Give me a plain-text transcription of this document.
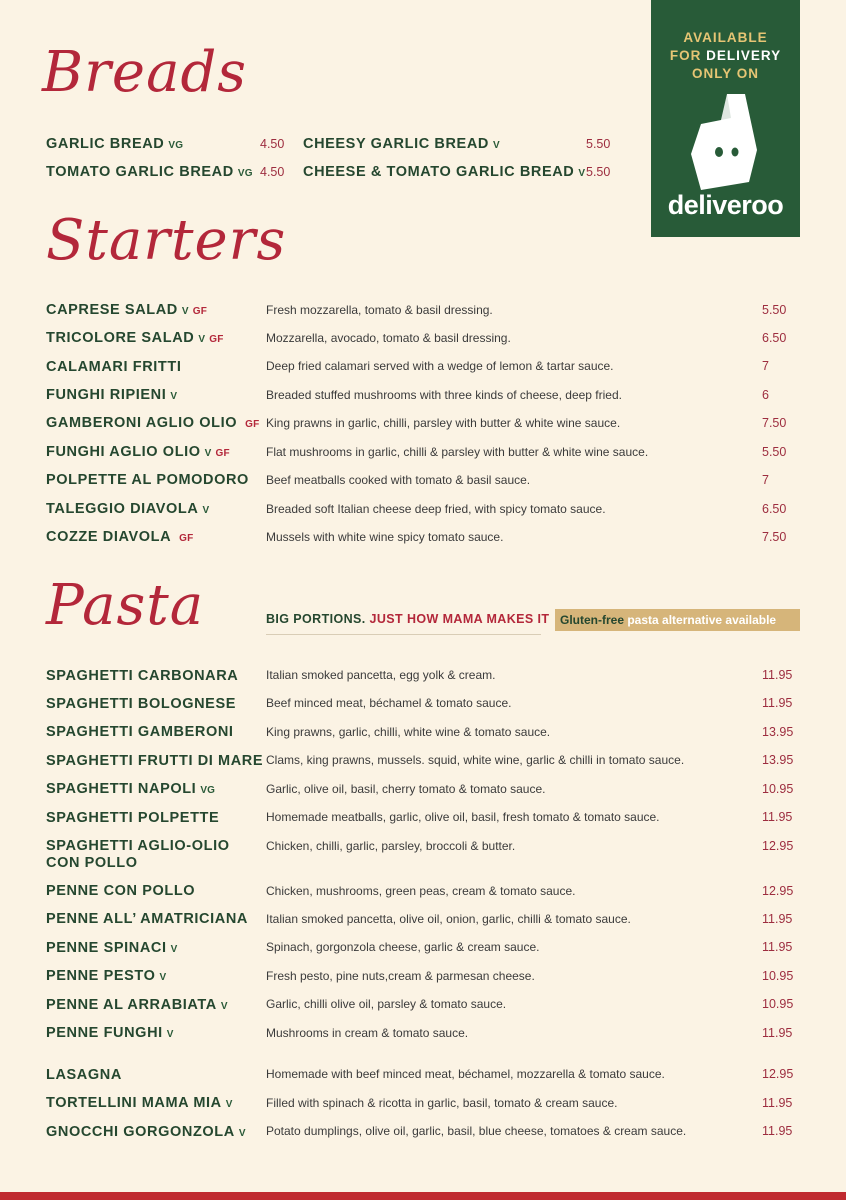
Breads
GARLIC BREAD VG	4.50
TOMATO GARLIC BREAD VG 4.50
CHEESY GARLIC BREAD V	5.50
CHEESE & TOMATO GARLIC BREAD V 5.50
AVAILABLE
FOR DELIVERY
ONLY ON
deliveroo
Starters
CAPRESE SALAD V GF	Fresh mozzarella, tomato & basil dressing.	5.50
TRICOLORE SALAD V GF	Mozzarella, avocado, tomato & basil dressing.	6.50
CALAMARI FRITTI	Deep fried calamari served with a wedge of lemon & tartar sauce.	7
FUNGHI RIPIENI V	Breaded stuffed mushrooms with three kinds of cheese, deep fried.	6
GAMBERONI AGLIO OLIO GF King prawns in garlic, chilli, parsley with butter & white wine sauce.	7.50
FUNGHI AGLIO OLIO V GF	Flat mushrooms in garlic, chilli & parsley with butter & white wine sauce.	5.50
POLPETTE AL POMODORO	Beef meatballs cooked with tomato & basil sauce.	7
TALEGGIO DIAVOLA V	Breaded soft Italian cheese deep fried, with spicy tomato sauce.	6.50
COZZE DIAVOLA GF	Mussels with white wine spicy tomato sauce.	7.50
Pasta	BIG PORTIONS. JUST HOW MAMA MAKES IT Gluten-free pasta alternative available
SPAGHETTI CARBONARA	Italian smoked pancetta, egg yolk & cream.	11.95
SPAGHETTI BOLOGNESE	Beef minced meat, béchamel & tomato sauce.	11.95
SPAGHETTI GAMBERONI	King prawns, garlic, chilli, white wine & tomato sauce.	13.95
SPAGHETTI FRUTTI DI MARE Clams, king prawns, mussels. squid, white wine, garlic & chilli in tomato sauce.	13.95
SPAGHETTI NAPOLI VG	Garlic, olive oil, basil, cherry tomato & tomato sauce.	10.95
SPAGHETTI POLPETTE	Homemade meatballs, garlic, olive oil, basil, fresh tomato & tomato sauce.	11.95
SPAGHETTI AGLIO-OLIO
CON POLLO
Chicken, chilli, garlic, parsley, broccoli & butter.	12.95
PENNE CON POLLO	Chicken, mushrooms, green peas, cream & tomato sauce.	12.95
PENNE ALL’ AMATRICIANA	Italian smoked pancetta, olive oil, onion, garlic, chilli & tomato sauce.	11.95
PENNE SPINACI V	Spinach, gorgonzola cheese, garlic & cream sauce.	11.95
PENNE PESTO V	Fresh pesto, pine nuts,cream & parmesan cheese.	10.95
PENNE AL ARRABIATA V	Garlic, chilli olive oil, parsley & tomato sauce.	10.95
PENNE FUNGHI V	Mushrooms in cream & tomato sauce.	11.95
LASAGNA	Homemade with beef minced meat, béchamel, mozzarella & tomato sauce.	12.95
TORTELLINI MAMA MIA V	Filled with spinach & ricotta in garlic, basil, tomato & cream sauce.	11.95
GNOCCHI GORGONZOLA V Potato dumplings, olive oil, garlic, basil, blue cheese, tomatoes & cream sauce.	11.95
